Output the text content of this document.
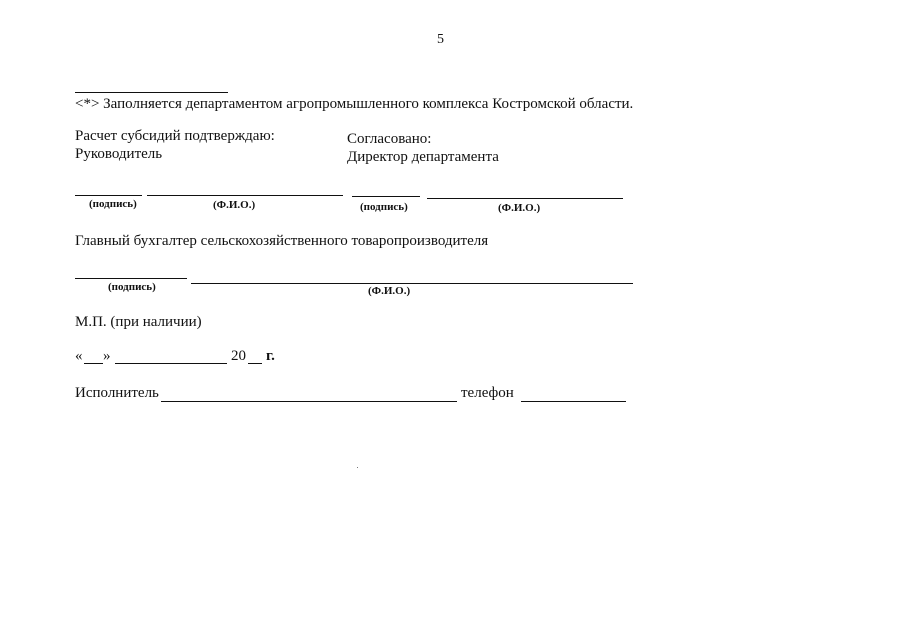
5
<*> Заполняется департаментом агропромышленного комплекса Костромской области.
Расчет субсидий подтверждаю:
Руководитель
Согласовано:
Директор департамента
(подпись)	(Ф.И.О.)	(подпись)	(Ф.И.О.)
Главный бухгалтер сельскохозяйственного товаропроизводителя
(подпись)	(Ф.И.О.)
М.П. (при наличии)
« »	20 г.
Исполнитель	телефон
